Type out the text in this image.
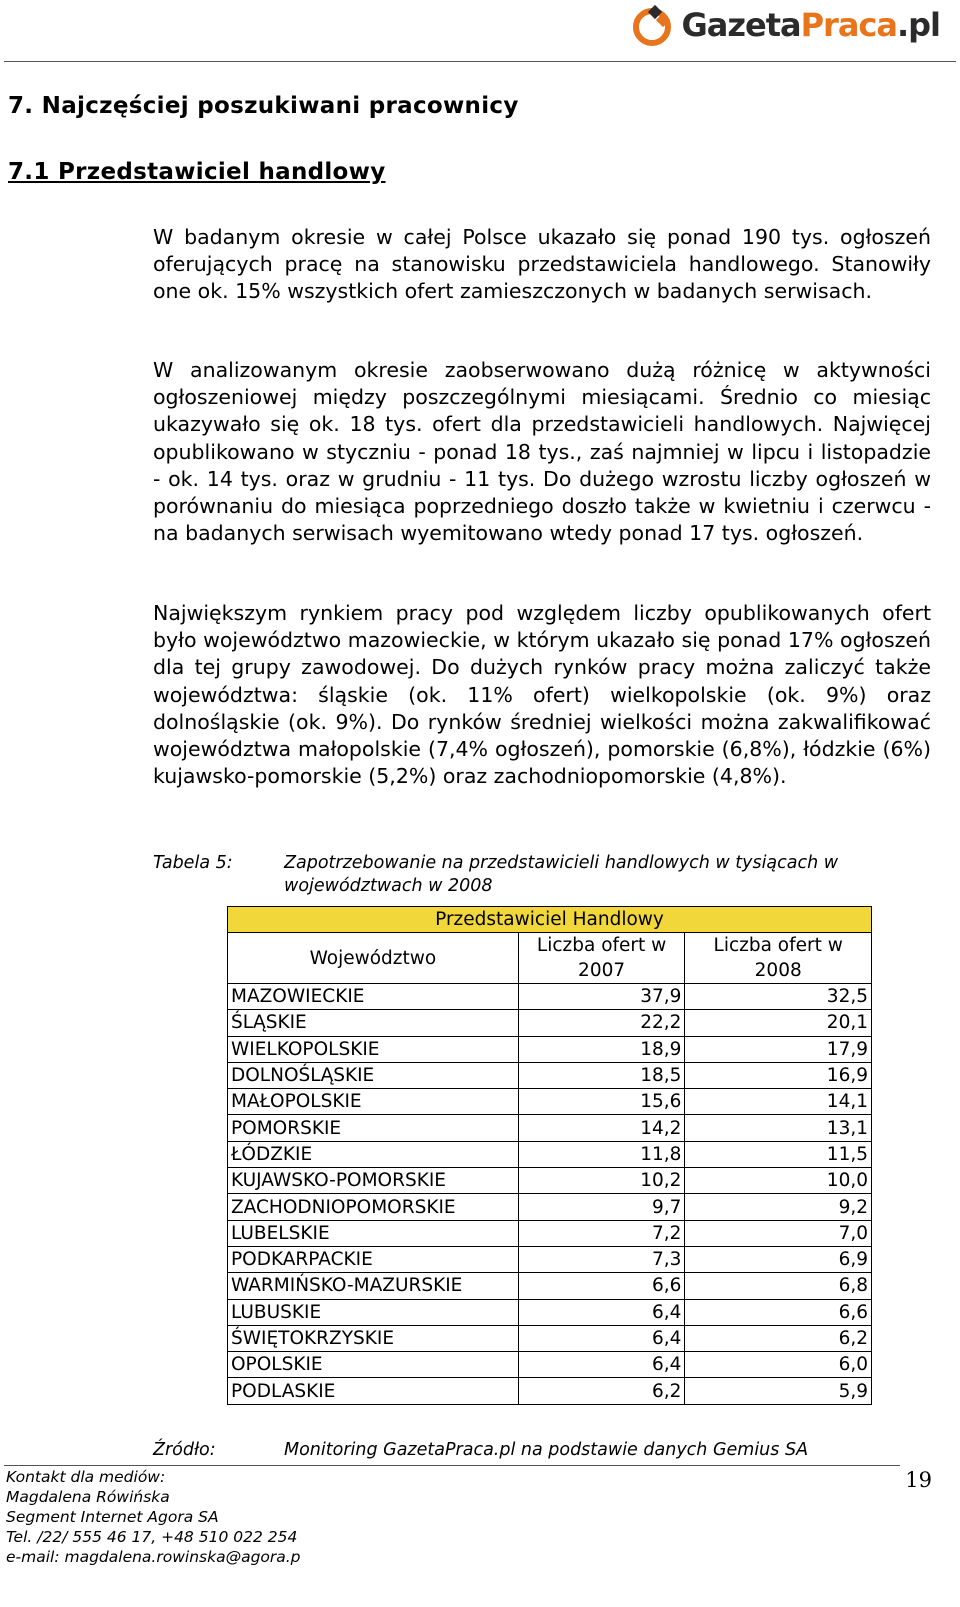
GazetaPraca.pl
7. Najczęściej poszukiwani pracownicy
7.1 Przedstawiciel handlowy

W badanym okresie w całej Polsce ukazało się ponad 190 tys. ogłoszeń oferujących pracę na stanowisku przedstawiciela handlowego. Stanowiły one ok. 15% wszystkich ofert zamieszczonych w badanych serwisach.

W analizowanym okresie zaobserwowano dużą różnicę w aktywności ogłoszeniowej między poszczególnymi miesiącami. Średnio co miesiąc ukazywało się ok. 18 tys. ofert dla przedstawicieli handlowych. Najwięcej opublikowano w styczniu - ponad 18 tys., zaś najmniej w lipcu i listopadzie - ok. 14 tys. oraz w grudniu - 11 tys. Do dużego wzrostu liczby ogłoszeń w porównaniu do miesiąca poprzedniego doszło także w kwietniu i czerwcu - na badanych serwisach wyemitowano wtedy ponad 17 tys. ogłoszeń.

Największym rynkiem pracy pod względem liczby opublikowanych ofert było województwo mazowieckie, w którym ukazało się ponad 17% ogłoszeń dla tej grupy zawodowej. Do dużych rynków pracy można zaliczyć także województwa: śląskie (ok. 11% ofert) wielkopolskie (ok. 9%) oraz dolnośląskie (ok. 9%). Do rynków średniej wielkości można zakwalifikować województwa małopolskie (7,4% ogłoszeń), pomorskie (6,8%), łódzkie (6%) kujawsko-pomorskie (5,2%) oraz zachodniopomorskie (4,8%).

Tabela 5:	Zapotrzebowanie na przedstawicieli handlowych w tysiącach w województwach w 2008
Przedstawiciel Handlowy		
Województwo	Liczba ofert w 2007	Liczba ofert w 2008
MAZOWIECKIE	37,9	32,5
ŚLĄSKIE	22,2	20,1
WIELKOPOLSKIE	18,9	17,9
DOLNOŚLĄSKIE	18,5	16,9
MAŁOPOLSKIE	15,6	14,1
POMORSKIE	14,2	13,1
ŁÓDZKIE	11,8	11,5
KUJAWSKO-POMORSKIE	10,2	10,0
ZACHODNIOPOMORSKIE	9,7	9,2
LUBELSKIE	7,2	7,0
PODKARPACKIE	7,3	6,9
WARMIŃSKO-MAZURSKIE	6,6	6,8
LUBUSKIE	6,4	6,6
ŚWIĘTOKRZYSKIE	6,4	6,2
OPOLSKIE	6,4	6,0
PODLASKIE	6,2	5,9
Źródło:	Monitoring GazetaPraca.pl na podstawie danych Gemius SA
Kontakt dla mediów:
Magdalena Rówińska
Segment Internet Agora SA
Tel. /22/ 555 46 17, +48 510 022 254
e-mail: magdalena.rowinska@agora.p
19
